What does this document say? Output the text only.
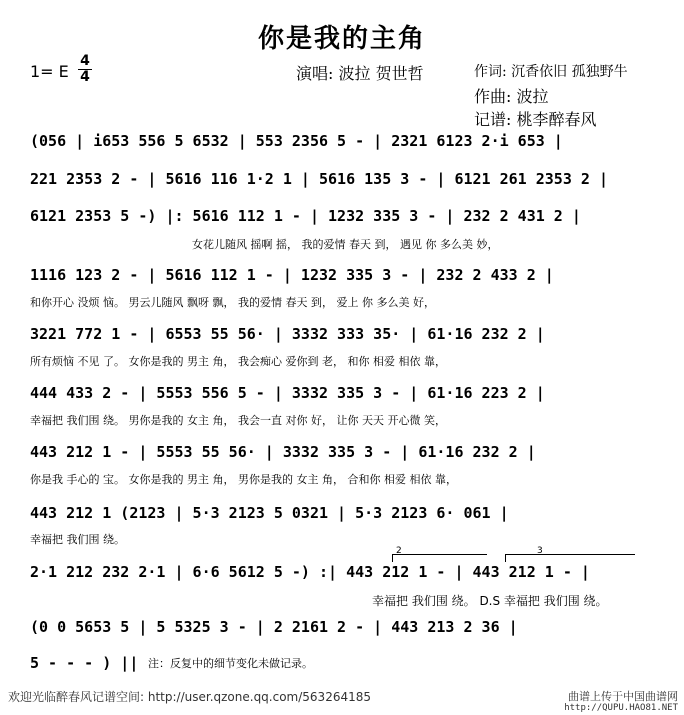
你是我的主角
1= E
4
4	演唱: 波拉 贺世哲	作词: 沉香依旧 孤独野牛
作曲: 波拉
记谱: 桃李醉春风
(056 | i653 556 5 6532 | 553 2356 5 - | 2321 6123 2·i 653 |
221 2353 2 - | 5616 116 1·2 1 | 5616 135 3 - | 6121 261 2353 2 |
6121 2353 5 -) |: 5616 112 1 - | 1232 335 3 - | 232 2 431 2 |
女花儿随风 摇啊 摇， 我的爱情 春天 到， 遇见 你 多么美 妙，
1116 123 2 - | 5616 112 1 - | 1232 335 3 - | 232 2 433 2 |
和你开心 没烦 恼。 男云儿随风 飘呀 飘， 我的爱情 春天 到， 爱上 你 多么美 好，
3221 772 1 - | 6553 55 56· | 3332 333 35· | 61·16 232 2 |
所有烦恼 不见 了。 女你是我的 男主 角， 我会痴心 爱你到 老， 和你 相爱 相依 靠，
444 433 2 - | 5553 556 5 - | 3332 335 3 - | 61·16 223 2 |
幸福把 我们围 绕。 男你是我的 女主 角， 我会一直 对你 好， 让你 天天 开心微 笑，
443 212 1 - | 5553 55 56· | 3332 335 3 - | 61·16 232 2 |
你是我 手心的 宝。 女你是我的 男主 角， 男你是我的 女主 角， 合和你 相爱 相依 靠，
443 212 1 (2123 | 5·3 2123 5 0321 | 5·3 2123 6· 061 |
幸福把 我们围 绕。
2	3
2·1 212 232 2·1 | 6·6 5612 5 -) :| 443 212 1 - | 443 212 1 - |
幸福把 我们围 绕。 D.S 幸福把 我们围 绕。
(0 0 5653 5 | 5 5325 3 - | 2 2161 2 - | 443 213 2 36 |
5 - - - ) || 注：反复中的细节变化未做记录。
欢迎光临醉春风记谱空间: http://user.qzone.qq.com/563264185	曲谱上传于中国曲谱网
http://QUPU.HAO81.NET
